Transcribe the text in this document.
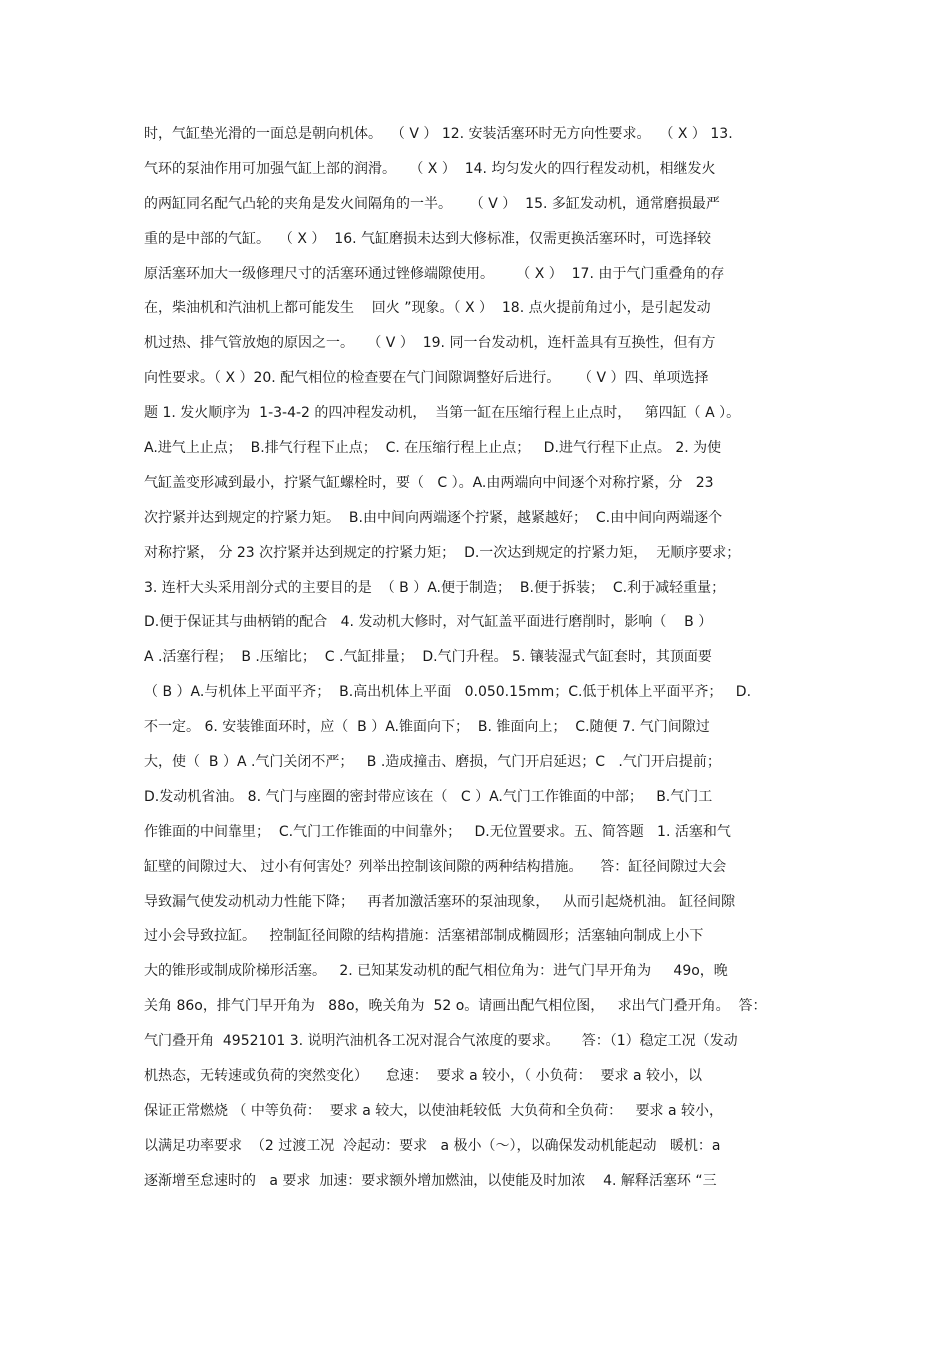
时，气缸垫光滑的一面总是朝向机体。  （ V ） 12. 安装活塞环时无方向性要求。  （ X ） 13.
气环的泵油作用可加强气缸上部的润滑。   （ X ）  14. 均匀发火的四行程发动机，相继发火
的两缸同名配气凸轮的夹角是发火间隔角的一半。    （ V ）  15. 多缸发动机，通常磨损最严
重的是中部的气缸。  （ X ）  16. 气缸磨损未达到大修标准，仅需更换活塞环时，可选择较
原活塞环加大一级修理尺寸的活塞环通过锉修端隙使用。     （ X ）  17. 由于气门重叠角的存
在，柴油机和汽油机上都可能发生    回火 ”现象。（ X ）  18. 点火提前角过小，是引起发动
机过热、排气管放炮的原因之一。   （ V ）  19. 同一台发动机，连杆盖具有互换性，但有方
向性要求。（ X ）20. 配气相位的检查要在气门间隙调整好后进行。    （ V ）四、单项选择
题 1. 发火顺序为  1-3-4-2 的四冲程发动机，  当第一缸在压缩行程上止点时，   第四缸（ A ）。
A.进气上止点；  B.排气行程下止点；  C. 在压缩行程上止点；   D.进气行程下止点。 2. 为使
气缸盖变形减到最小，拧紧气缸螺栓时，要（   C ）。A.由两端向中间逐个对称拧紧，分   23
次拧紧并达到规定的拧紧力矩。  B.由中间向两端逐个拧紧，越紧越好；  C.由中间向两端逐个
对称拧紧， 分 23 次拧紧并达到规定的拧紧力矩；  D.一次达到规定的拧紧力矩，  无顺序要求；
3. 连杆大头采用剖分式的主要目的是  （ B ）A.便于制造；  B.便于拆装；  C.利于减轻重量；
D.便于保证其与曲柄销的配合   4. 发动机大修时，对气缸盖平面进行磨削时，影响（    B ）
A .活塞行程；  B .压缩比；  C .气缸排量；  D.气门升程。 5. 镶装湿式气缸套时，其顶面要
（ B ）A.与机体上平面平齐；  B.高出机体上平面   0.050.15mm；C.低于机体上平面平齐；   D.
不一定。 6. 安装锥面环时，应（  B ）A.锥面向下；  B. 锥面向上；  C.随便 7. 气门间隙过
大，使（  B ）A .气门关闭不严；   B .造成撞击、磨损，气门开启延迟；C   .气门开启提前；
D.发动机省油。 8. 气门与座圈的密封带应该在（   C ）A.气门工作锥面的中部；   B.气门工
作锥面的中间靠里；  C.气门工作锥面的中间靠外；   D.无位置要求。五、简答题   1. 活塞和气
缸壁的间隙过大、 过小有何害处？列举出控制该间隙的两种结构措施。    答：缸径间隙过大会
导致漏气使发动机动力性能下降；   再者加激活塞环的泵油现象，   从而引起烧机油。 缸径间隙
过小会导致拉缸。   控制缸径间隙的结构措施：活塞裙部制成椭圆形；活塞轴向制成上小下
大的锥形或制成阶梯形活塞。   2. 已知某发动机的配气相位角为：进气门早开角为     49o，晚
关角 86o，排气门早开角为   88o，晚关角为  52 o。请画出配气相位图，   求出气门叠开角。  答：
气门叠开角  4952101 3. 说明汽油机各工况对混合气浓度的要求。     答：（1）稳定工况（发动
机热态，无转速或负荷的突然变化）    怠速：  要求 a 较小，（ 小负荷：  要求 a 较小，以
保证正常燃烧 （ 中等负荷：  要求 a 较大，以使油耗较低  大负荷和全负荷：   要求 a 较小，
以满足功率要求  （2 过渡工况  冷起动：要求   a 极小（～），以确保发动机能起动   暖机：a
逐渐增至怠速时的   a 要求  加速：要求额外增加燃油，以使能及时加浓    4. 解释活塞环 “三
